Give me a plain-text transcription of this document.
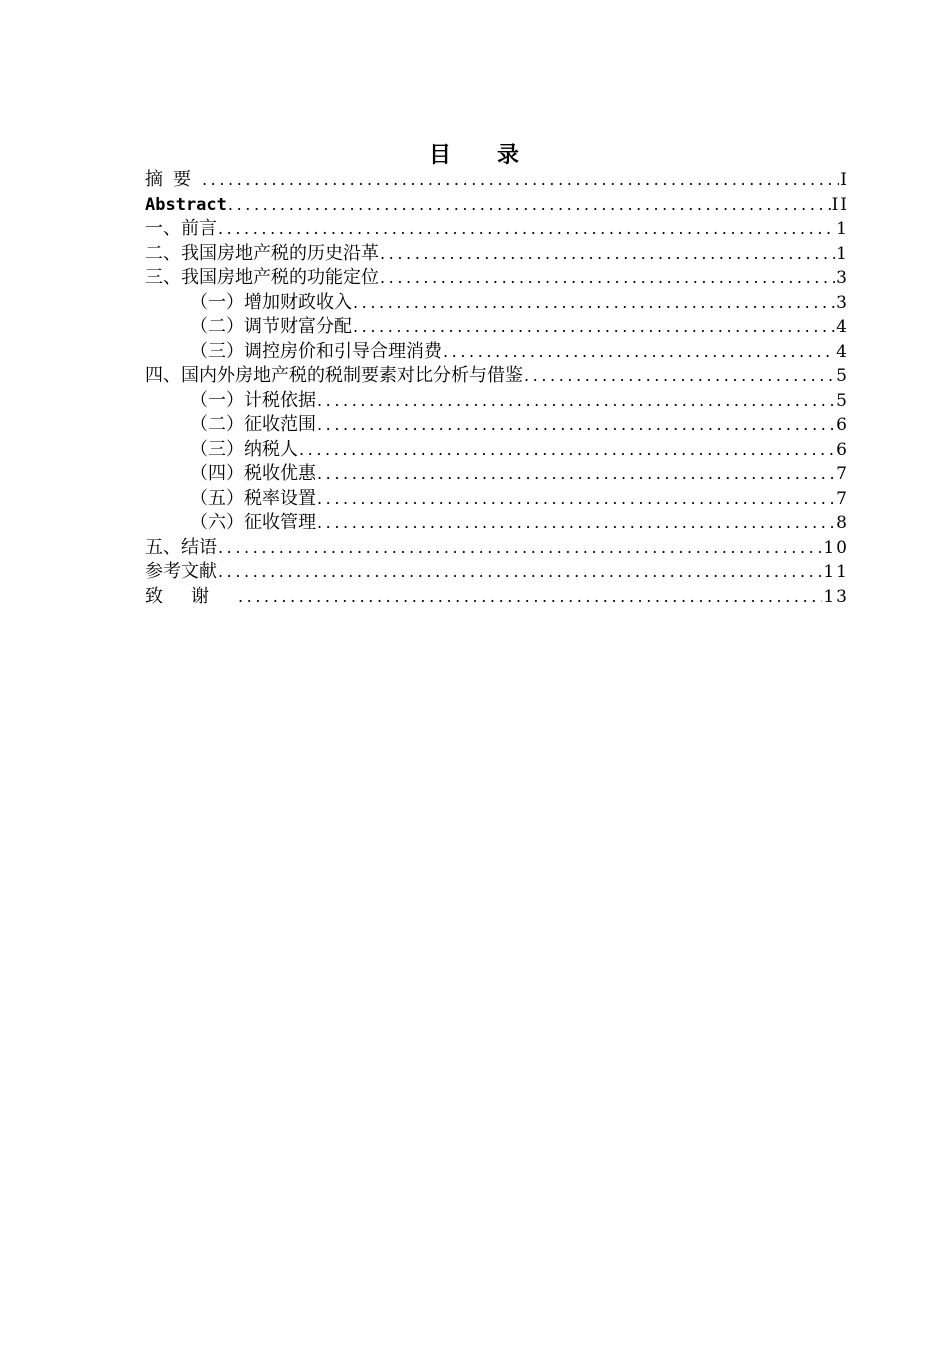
目录
摘要 .....	I
Abstract .....	II
一、前言 .....	1
二、我国房地产税的历史沿革 .....	1
三、我国房地产税的功能定位 .....	3
（一）增加财政收入 .....	3
（二）调节财富分配 .....	4
（三）调控房价和引导合理消费 .....	4
四、国内外房地产税的税制要素对比分析与借鉴 .....	5
（一）计税依据 .....	5
（二）征收范围 .....	6
（三）纳税人 .....	6
（四）税收优惠 .....	7
（五）税率设置 .....	7
（六）征收管理 .....	8
五、结语 .....	10
参考文献 .....	11
致谢 .....	13
